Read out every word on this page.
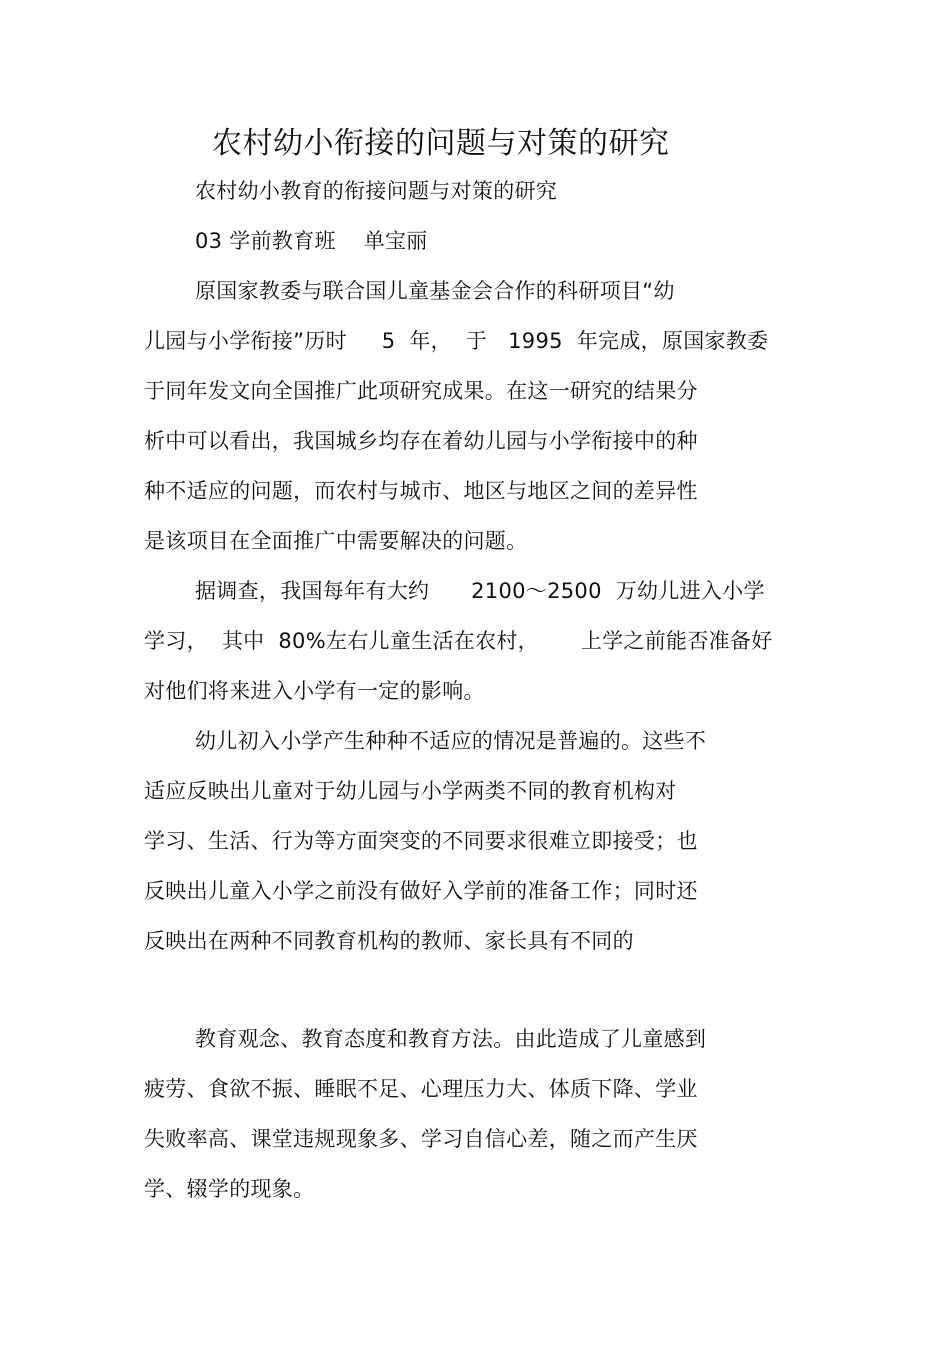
农村幼小衔接的问题与对策的研究
农村幼小教育的衔接问题与对策的研究
03 学前教育班    单宝丽
原国家教委与联合国儿童基金会合作的科研项目“幼
儿园与小学衔接”历时     5  年，  于   1995  年完成，原国家教委
于同年发文向全国推广此项研究成果。在这一研究的结果分
析中可以看出，我国城乡均存在着幼儿园与小学衔接中的种
种不适应的问题，而农村与城市、地区与地区之间的差异性
是该项目在全面推广中需要解决的问题。
据调查，我国每年有大约      2100～2500  万幼儿进入小学
学习，  其中  80%左右儿童生活在农村，      上学之前能否准备好
对他们将来进入小学有一定的影响。
幼儿初入小学产生种种不适应的情况是普遍的。这些不
适应反映出儿童对于幼儿园与小学两类不同的教育机构对
学习、生活、行为等方面突变的不同要求很难立即接受；也
反映出儿童入小学之前没有做好入学前的准备工作；同时还
反映出在两种不同教育机构的教师、家长具有不同的
教育观念、教育态度和教育方法。由此造成了儿童感到
疲劳、食欲不振、睡眠不足、心理压力大、体质下降、学业
失败率高、课堂违规现象多、学习自信心差，随之而产生厌
学、辍学的现象。
